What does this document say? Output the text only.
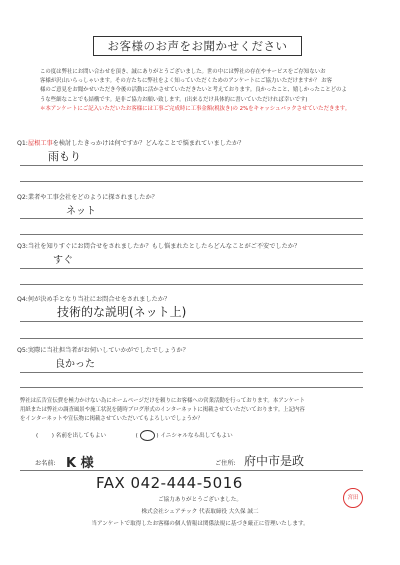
お客様のお声をお聞かせください
この度は弊社にお問い合わせを頂き、誠にありがとうございました。世の中には弊社の存在やサービスをご存知ないお
客様が沢山いらっしゃいます。その方たちに弊社をよく知っていただくためのアンケートにご協力いただけますか？ お客
様のご意見をお聞かせいただき今後の活動に活かさせていただきたいと考えております。良かったこと、嬉しかったことどのよ
うな些細なことでも結構です。是非ご協力お願い致します。(出来るだけ具体的に書いていただければ幸いです)
＊本アンケートにご記入いただいたお客様には工事ご完成時に工事金額(税抜き)の 2%をキャッシュバックさせていただきます。
Q1:屋根工事を検討したきっかけは何ですか？どんなことで悩まれていましたか？
雨もり
Q2:業者や工事会社をどのように探されましたか？
ネット
Q3:当社を知りすぐにお問合せをされましたか？もし悩まれたとしたらどんなことがご不安でしたか？
すぐ
Q4:何が決め手となり当社にお問合せをされましたか？
技術的な説明(ネット上)
Q5:実際に当社担当者がお伺いしていかがでしたでしょうか？
良かった
弊社は広告宣伝費を極力かけない為にホームページだけを頼りにお客様への営業活動を行っております。本アンケート
用紙または弊社の調査風景や施工状況を随時ブログ形式のインターネットに掲載させていただいております。上記内容
をインターネットや宣伝物に掲載させていただいてもよろしいでしょうか？
( ) 名前を出してもよい	(	) イニシャルなら出してもよい
お名前: K 様	ご住所: 府中市是政
FAX 042-444-5016
ご協力ありがとうございました。
株式会社シェアテック 代表取締役 大久保 誠二
当アンケートで取得したお客様の個人情報は関係法規に基づき厳正に管理いたします。
宮田
